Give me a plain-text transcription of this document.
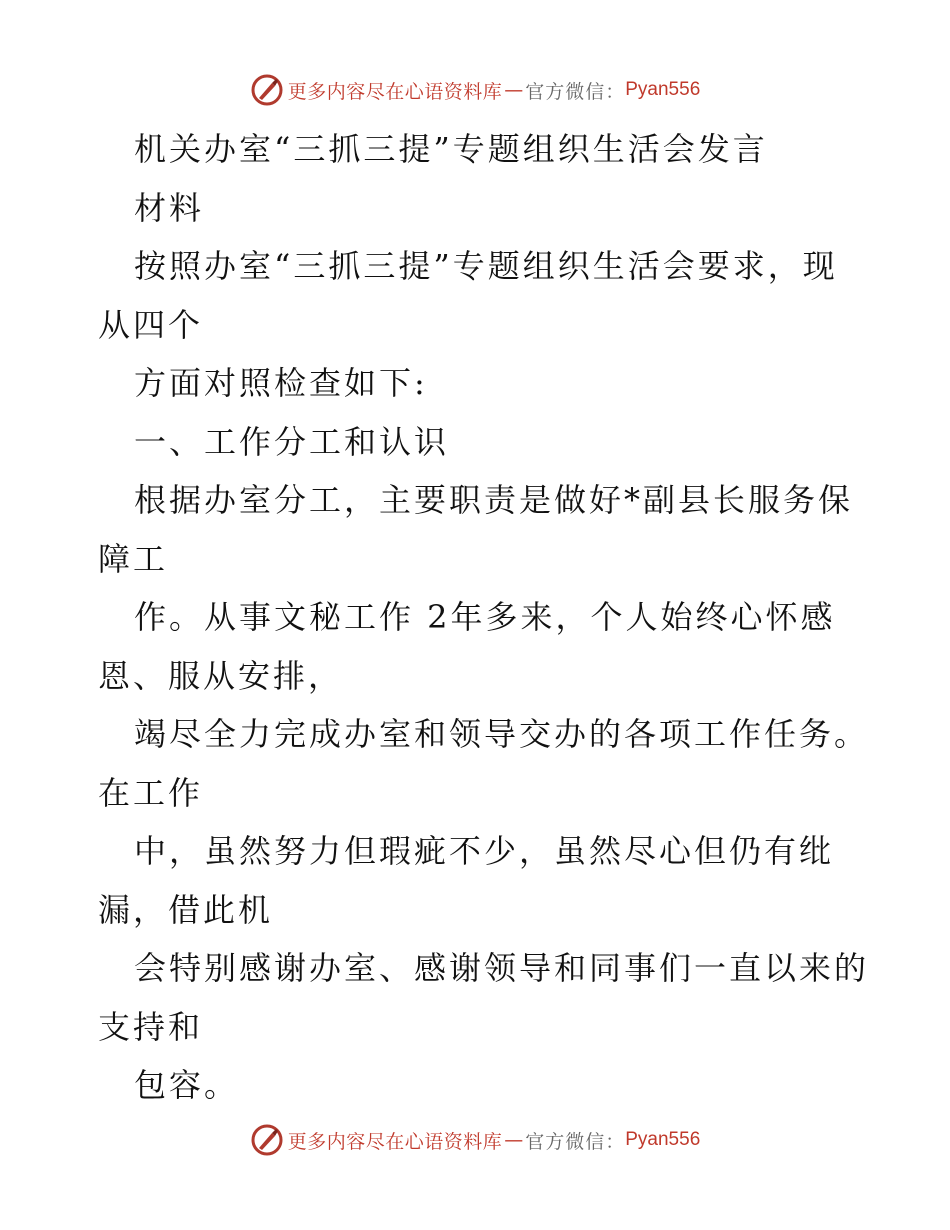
更多内容尽在心语资料库 — 官方微信： Pyan556
机关办室“三抓三提”专题组织生活会发言
材料
按照办室“三抓三提”专题组织生活会要求，现
从四个
方面对照检查如下:
一、工作分工和认识
根据办室分工，主要职责是做好*副县长服务保
障工
作。从事文秘工作 2年多来，个人始终心怀感
恩、服从安排，
竭尽全力完成办室和领导交办的各项工作任务。
在工作
中，虽然努力但瑕疵不少，虽然尽心但仍有纰
漏，借此机
会特别感谢办室、感谢领导和同事们一直以来的
支持和
包容。
更多内容尽在心语资料库 — 官方微信： Pyan556
